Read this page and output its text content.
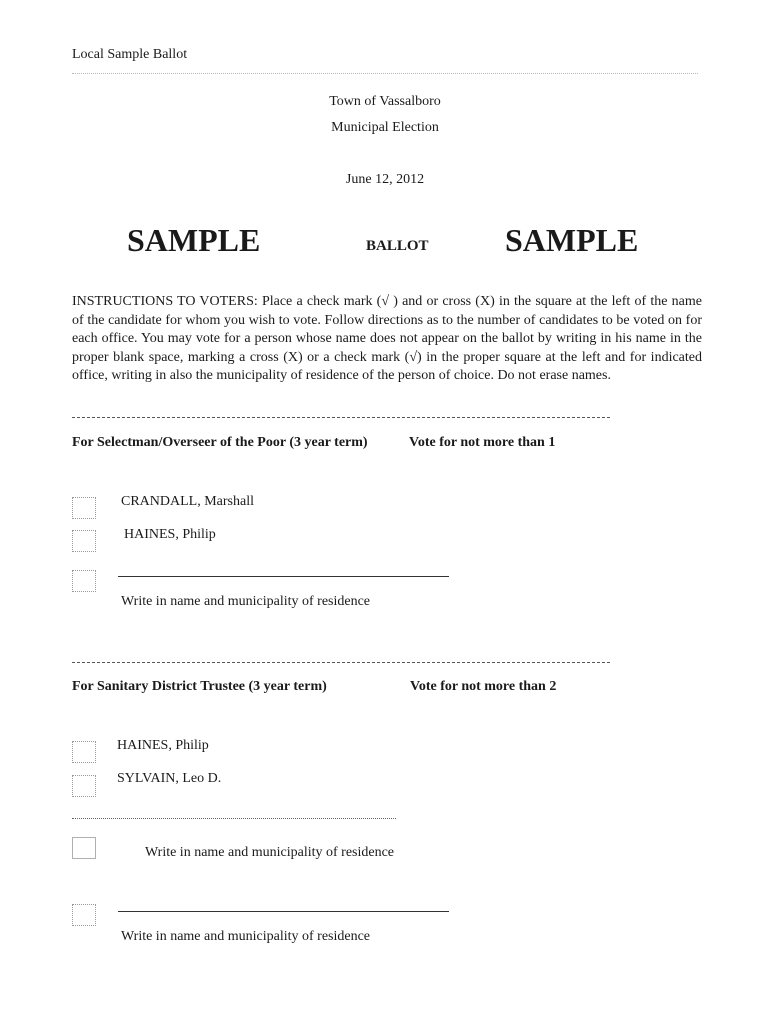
Local Sample Ballot
Town of Vassalboro
Municipal Election
June 12, 2012
SAMPLE	BALLOT SAMPLE
INSTRUCTIONS TO VOTERS: Place a check mark (√ ) and or cross (X) in the square at the left of the name of the candidate for whom you wish to vote. Follow directions as to the number of candidates to be voted on for each office. You may vote for a person whose name does not appear on the ballot by writing in his name in the proper blank space, marking a cross (X) or a check mark (√) in the proper square at the left and for indicated office, writing in also the municipality of residence of the person of choice. Do not erase names.
For Selectman/Overseer of the Poor (3 year term)	Vote for not more than 1
CRANDALL, Marshall
HAINES, Philip
Write in name and municipality of residence
For Sanitary District Trustee (3 year term)	Vote for not more than 2
HAINES, Philip
SYLVAIN, Leo D.
Write in name and municipality of residence
Write in name and municipality of residence
